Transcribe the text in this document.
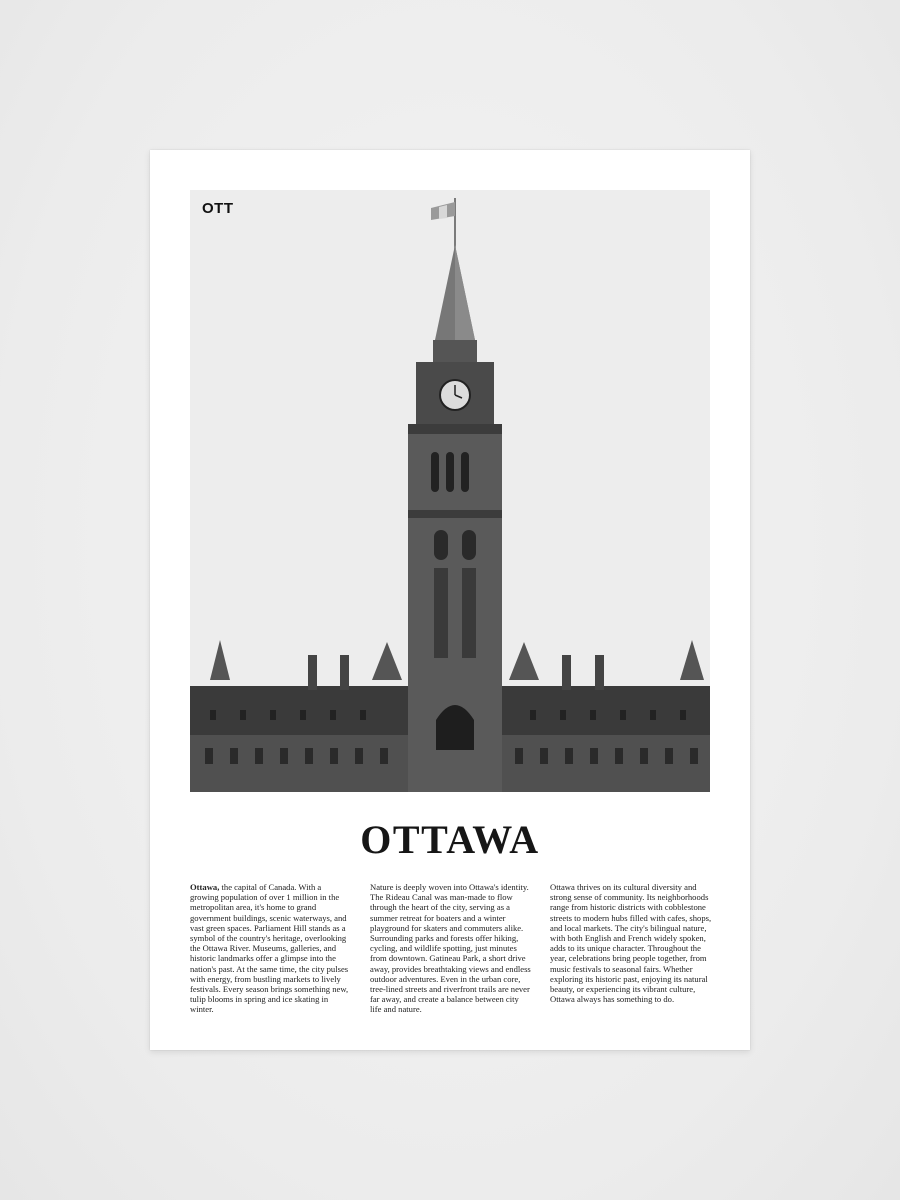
OTT
OTTAWA
Ottawa, the capital of Canada. With a growing population of over 1 million in the metropolitan area, it's home to grand government buildings, scenic waterways, and vast green spaces. Parliament Hill stands as a symbol of the country's heritage, overlooking the Ottawa River. Museums, galleries, and historic landmarks offer a glimpse into the nation's past. At the same time, the city pulses with energy, from bustling markets to lively festivals. Every season brings something new, tulip blooms in spring and ice skating in winter.
Nature is deeply woven into Ottawa's identity. The Rideau Canal was man-made to flow through the heart of the city, serving as a summer retreat for boaters and a winter playground for skaters and commuters alike. Surrounding parks and forests offer hiking, cycling, and wildlife spotting, just minutes from downtown. Gatineau Park, a short drive away, provides breathtaking views and endless outdoor adventures. Even in the urban core, tree-lined streets and riverfront trails are never far away, and create a balance between city life and nature.
Ottawa thrives on its cultural diversity and strong sense of community. Its neighborhoods range from historic districts with cobblestone streets to modern hubs filled with cafes, shops, and local markets. The city's bilingual nature, with both English and French widely spoken, adds to its unique character. Throughout the year, celebrations bring people together, from music festivals to seasonal fairs. Whether exploring its historic past, enjoying its natural beauty, or experiencing its vibrant culture, Ottawa always has something to do.
